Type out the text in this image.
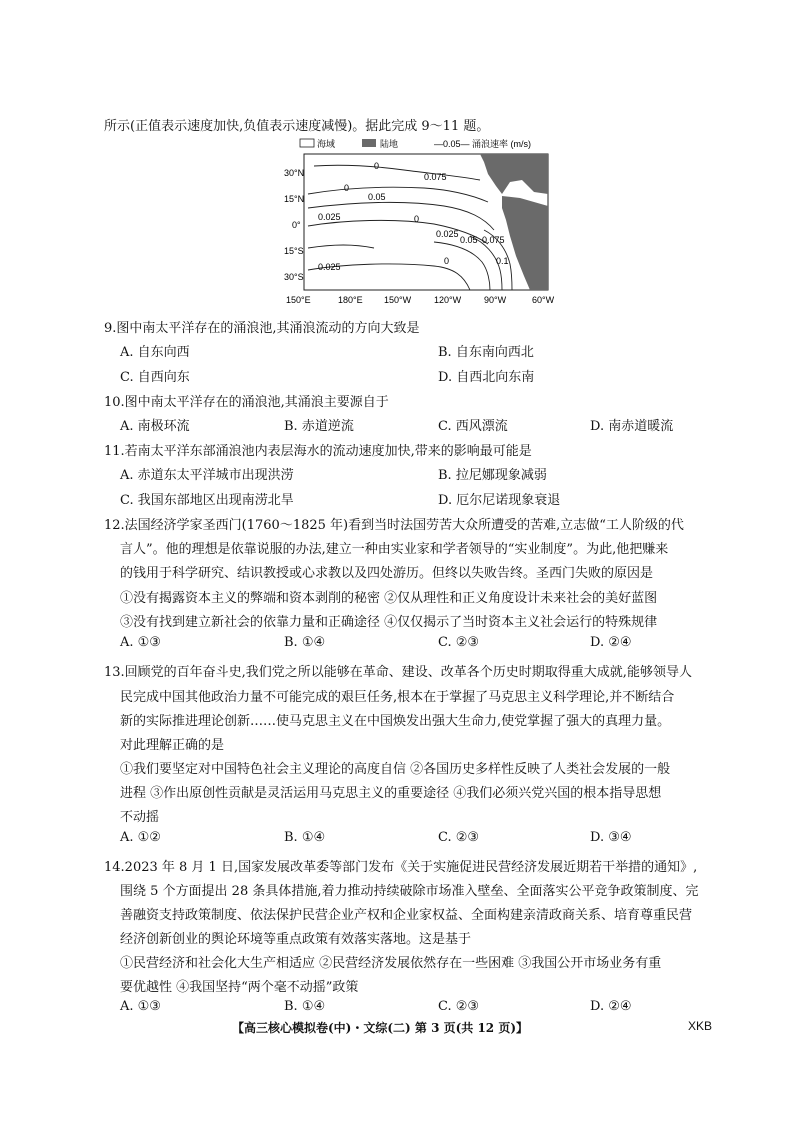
所示(正值表示速度加快,负值表示速度减慢)。据此完成 9～11 题。
海域	陆地	—0.05— 涌浪速率 (m/s)
0
0.075
0
0.05
0.025	0
0.025
0.05 0.075
0.1
0
0.025
30°N
15°N
0°
15°S
30°S
150°E	180°E 150°W	120°W	90°W	60°W
9.图中南太平洋存在的涌浪池,其涌浪流动的方向大致是
A. 自东向西	B. 自东南向西北
C. 自西向东	D. 自西北向东南
10.图中南太平洋存在的涌浪池,其涌浪主要源自于
A. 南极环流	B. 赤道逆流	C. 西风漂流	D. 南赤道暖流
11.若南太平洋东部涌浪池内表层海水的流动速度加快,带来的影响最可能是
A. 赤道东太平洋城市出现洪涝	B. 拉尼娜现象减弱
C. 我国东部地区出现南涝北旱	D. 厄尔尼诺现象衰退
12.法国经济学家圣西门(1760～1825 年)看到当时法国劳苦大众所遭受的苦难,立志做“工人阶级的代
言人”。他的理想是依靠说服的办法,建立一种由实业家和学者领导的“实业制度”。为此,他把赚来
的钱用于科学研究、结识教授或心求教以及四处游历。但终以失败告终。圣西门失败的原因是
①没有揭露资本主义的弊端和资本剥削的秘密 ②仅从理性和正义角度设计未来社会的美好蓝图
③没有找到建立新社会的依靠力量和正确途径 ④仅仅揭示了当时资本主义社会运行的特殊规律
A. ①③	B. ①④	C. ②③	D. ②④
13.回顾党的百年奋斗史,我们党之所以能够在革命、建设、改革各个历史时期取得重大成就,能够领导人
民完成中国其他政治力量不可能完成的艰巨任务,根本在于掌握了马克思主义科学理论,并不断结合
新的实际推进理论创新……使马克思主义在中国焕发出强大生命力,使党掌握了强大的真理力量。
对此理解正确的是
①我们要坚定对中国特色社会主义理论的高度自信 ②各国历史多样性反映了人类社会发展的一般
进程 ③作出原创性贡献是灵活运用马克思主义的重要途径 ④我们必须兴党兴国的根本指导思想
不动摇
A. ①②	B. ①④	C. ②③	D. ③④
14.2023 年 8 月 1 日,国家发展改革委等部门发布《关于实施促进民营经济发展近期若干举措的通知》,
围绕 5 个方面提出 28 条具体措施,着力推动持续破除市场准入壁垒、全面落实公平竞争政策制度、完
善融资支持政策制度、依法保护民营企业产权和企业家权益、全面构建亲清政商关系、培育尊重民营
经济创新创业的舆论环境等重点政策有效落实落地。这是基于
①民营经济和社会化大生产相适应 ②民营经济发展依然存在一些困难 ③我国公开市场业务有重
要优越性 ④我国坚持“两个毫不动摇”政策
A. ①③	B. ①④	C. ②③	D. ②④
【高三核心模拟卷(中)・文综(二) 第 3 页(共 12 页)】	XKB
